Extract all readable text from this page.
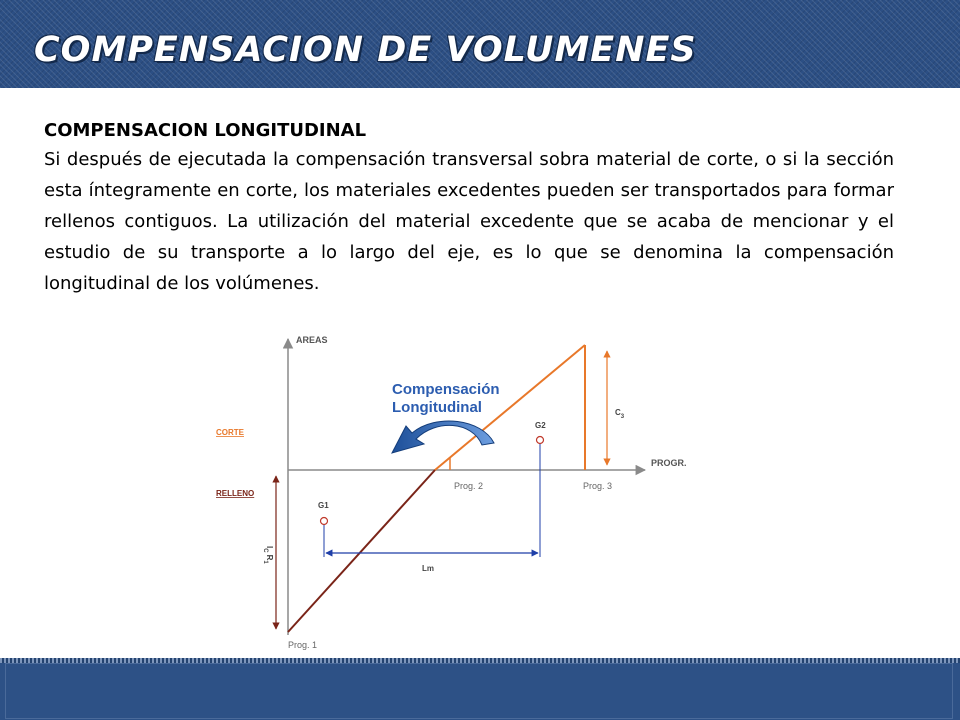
COMPENSACION DE VOLUMENES

COMPENSACION LONGITUDINAL

Si después de ejecutada la compensación transversal sobra material de corte, o si la sección esta íntegramente en corte, los materiales excedentes pueden ser transportados para formar rellenos contiguos. La utilización del material excedente que se acaba de mencionar y el estudio de su transporte a lo largo del eje, es lo que se denomina la compensación longitudinal de los volúmenes.

AREAS
PROGR.
CORTE
RELLENO
$C_3$
$I_CR_1$
G1
G2
Lm
Prog. 1
Prog. 2	Prog. 3
Compensación
Longitudinal
